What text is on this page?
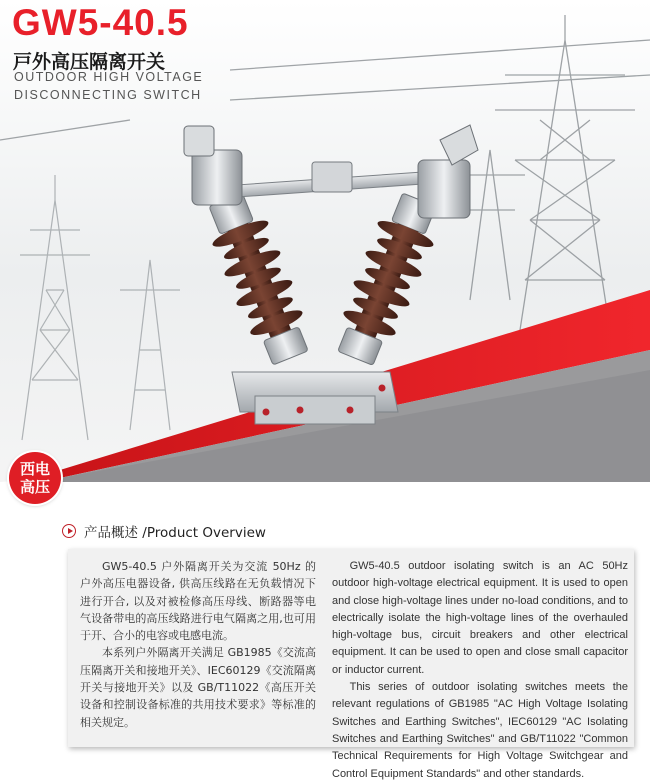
GW5-40.5
戸外高压隔离开关
OUTDOOR HIGH VOLTAGE
DISCONNECTING SWITCH
西电
高压
产品概述 /Product Overview

GW5-40.5 户外隔离开关为交流 50Hz 的户外高压电器设备, 供高压线路在无负载情况下进行开合, 以及对被检修高压母线、断路器等电气设备带电的高压线路进行电气隔离之用,也可用于开、合小的电容或电感电流。

本系列户外隔离开关满足 GB1985《交流高压隔离开关和接地开关》、IEC60129《交流隔离开关与接地开关》以及 GB/T11022《高压开关设备和控制设备标准的共用技术要求》等标准的相关规定。

GW5-40.5 outdoor isolating switch is an AC 50Hz outdoor high-voltage electrical equipment. It is used to open and close high-voltage lines under no-load conditions, and to electrically isolate the high-voltage lines of the overhauled high-voltage bus, circuit breakers and other electrical equipment. It can be used to open and close small capacitor or inductor current.

This series of outdoor isolating switches meets the relevant regulations of GB1985 "AC High Voltage Isolating Switches and Earthing Switches", IEC60129 "AC Isolating Switches and Earthing Switches" and GB/T11022 "Common Technical Requirements for High Voltage Switchgear and Control Equipment Standards" and other standards.
